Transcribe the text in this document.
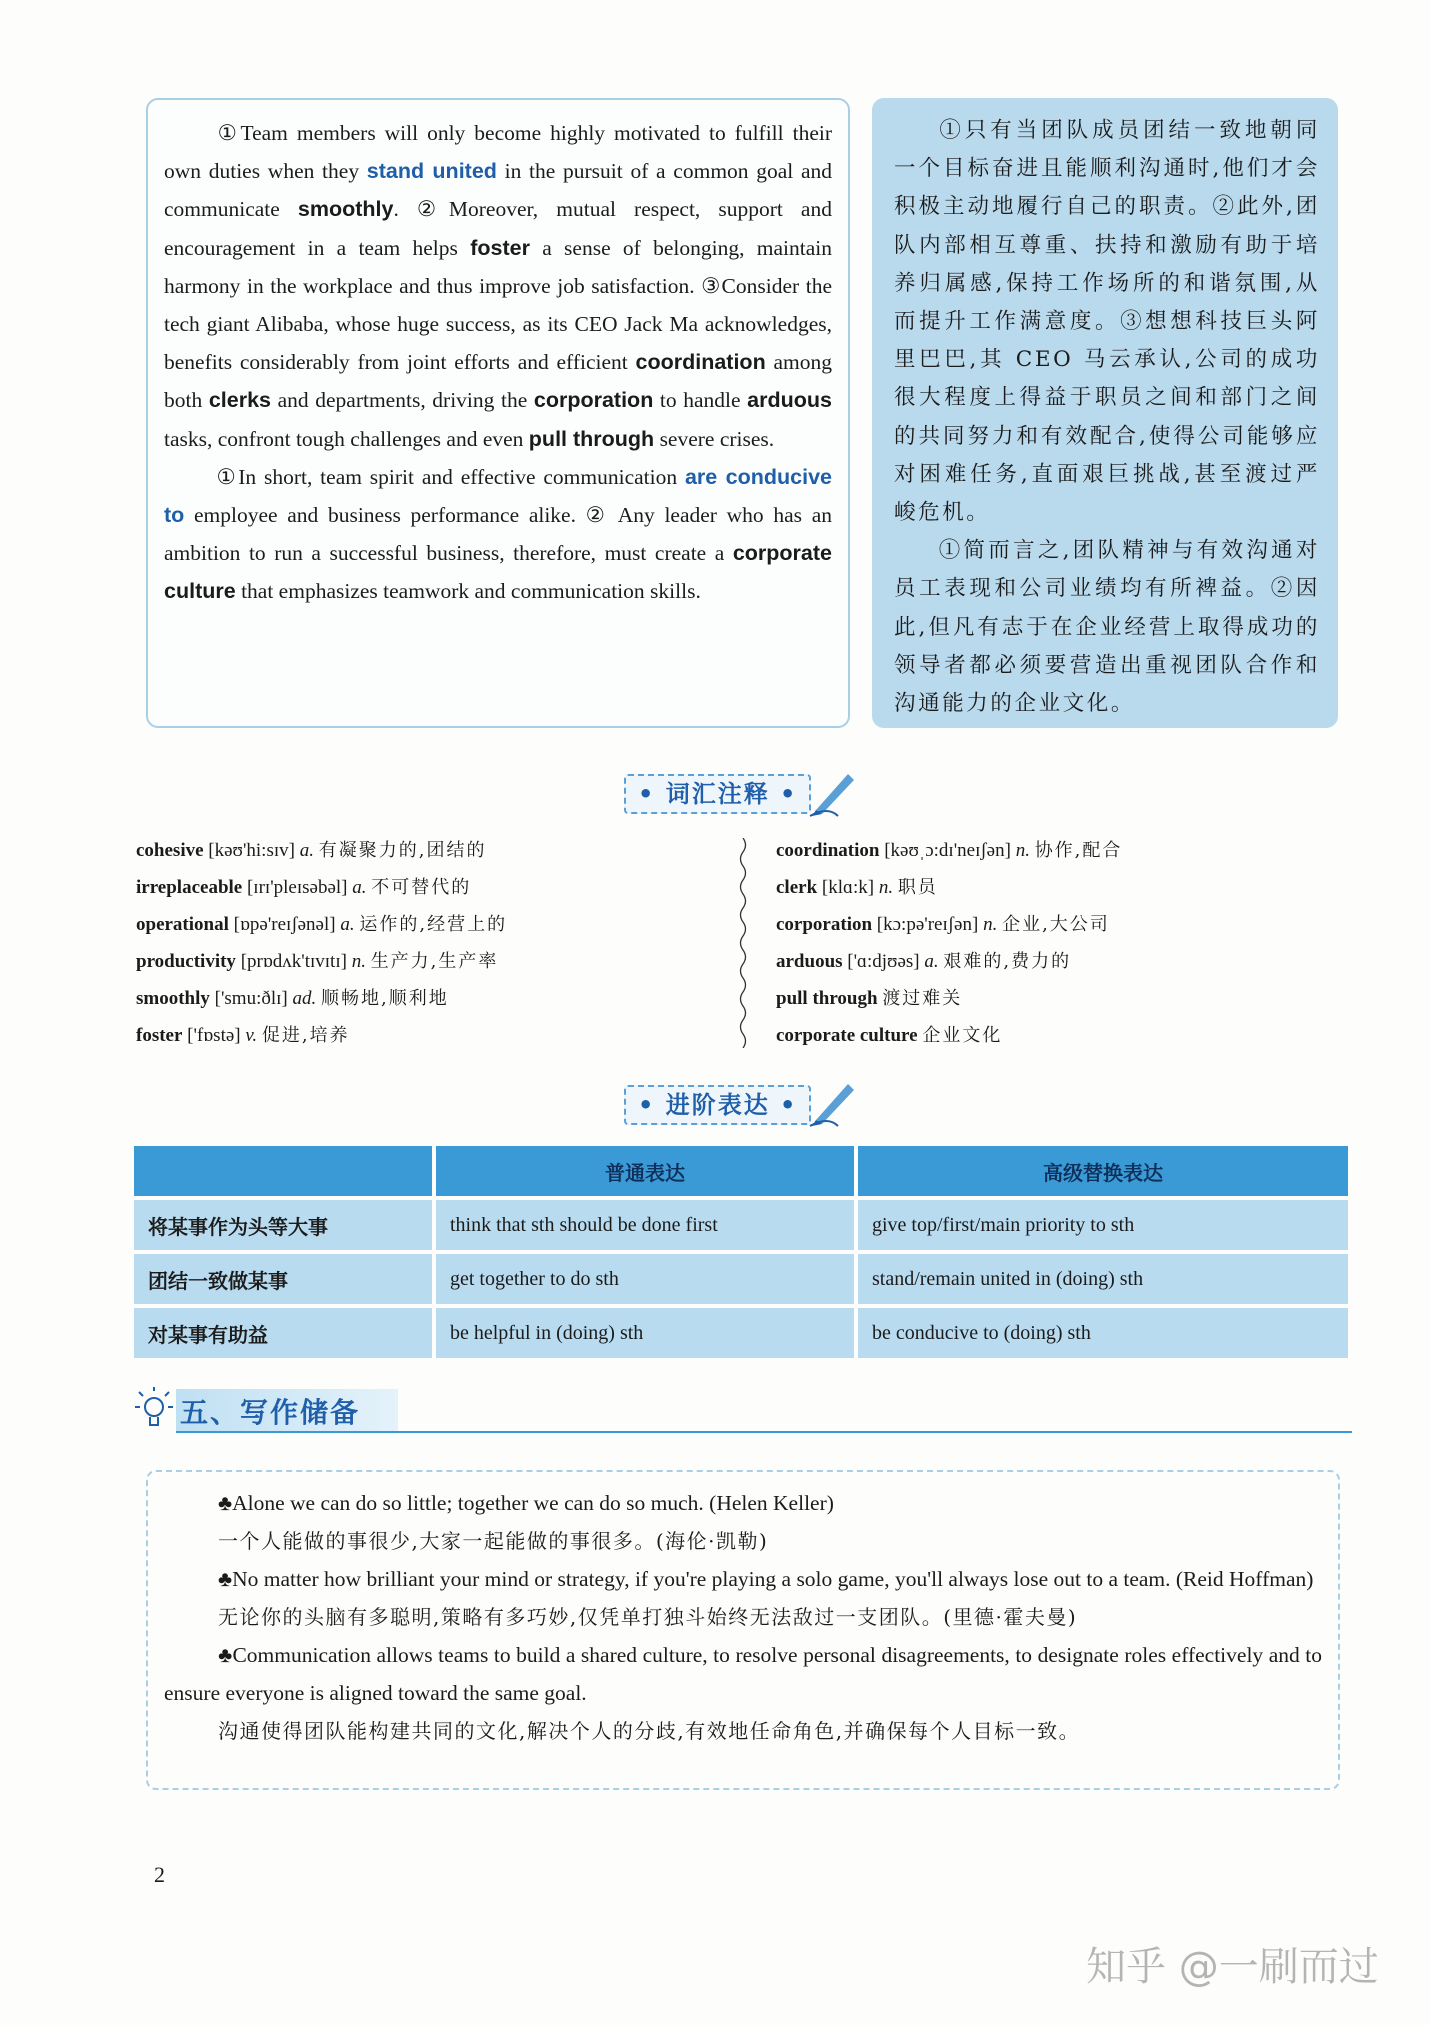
①Team members will only become highly motivated to fulfill their own duties when they stand united in the pursuit of a common goal and communicate smoothly. ②Moreover, mutual respect, support and encouragement in a team helps foster a sense of belonging, maintain harmony in the workplace and thus improve job satisfaction. ③Consider the tech giant Alibaba, whose huge success, as its CEO Jack Ma acknowledges, benefits considerably from joint efforts and efficient coordination among both clerks and departments, driving the corporation to handle arduous tasks, confront tough challenges and even pull through severe crises.

①In short, team spirit and effective communication are conducive to employee and business performance alike. ② Any leader who has an ambition to run a successful business, therefore, must create a corporate culture that emphasizes teamwork and communication skills.

①只有当团队成员团结一致地朝同一个目标奋进且能顺利沟通时,他们才会积极主动地履行自己的职责。②此外,团队内部相互尊重、扶持和激励有助于培养归属感,保持工作场所的和谐氛围,从而提升工作满意度。③想想科技巨头阿里巴巴,其 CEO 马云承认,公司的成功很大程度上得益于职员之间和部门之间的共同努力和有效配合,使得公司能够应对困难任务,直面艰巨挑战,甚至渡过严峻危机。

①简而言之,团队精神与有效沟通对员工表现和公司业绩均有所裨益。②因此,但凡有志于在企业经营上取得成功的领导者都必须要营造出重视团队合作和沟通能力的企业文化。

• 词汇注释 •
cohesive [kəʊ'hi:sɪv] a. 有凝聚力的,团结的
irreplaceable [ɪrɪ'pleɪsəbəl] a. 不可替代的
operational [ɒpə'reɪʃənəl] a. 运作的,经营上的
productivity [prɒdʌk'tɪvɪtɪ] n. 生产力,生产率
smoothly ['smu:ðlɪ] ad. 顺畅地,顺利地
foster ['fɒstə] v. 促进,培养
coordination [kəʊˌɔ:dɪ'neɪʃən] n. 协作,配合
clerk [klɑ:k] n. 职员
corporation [kɔ:pə'reɪʃən] n. 企业,大公司
arduous ['ɑ:djʊəs] a. 艰难的,费力的
pull through 渡过难关
corporate culture 企业文化
• 进阶表达 •
	普通表达	高级替换表达
将某事作为头等大事	think that sth should be done first	give top/first/main priority to sth
团结一致做某事	get together to do sth	stand/remain united in (doing) sth
对某事有助益	be helpful in (doing) sth	be conducive to (doing) sth
五、写作储备

♣Alone we can do so little; together we can do so much. (Helen Keller)

一个人能做的事很少,大家一起能做的事很多。(海伦·凯勒)

♣No matter how brilliant your mind or strategy, if you're playing a solo game, you'll always lose out to a team. (Reid Hoffman)

无论你的头脑有多聪明,策略有多巧妙,仅凭单打独斗始终无法敌过一支团队。(里德·霍夫曼)

♣Communication allows teams to build a shared culture, to resolve personal disagreements, to designate roles effectively and to ensure everyone is aligned toward the same goal.

沟通使得团队能构建共同的文化,解决个人的分歧,有效地任命角色,并确保每个人目标一致。

2
知乎 @一刷而过
